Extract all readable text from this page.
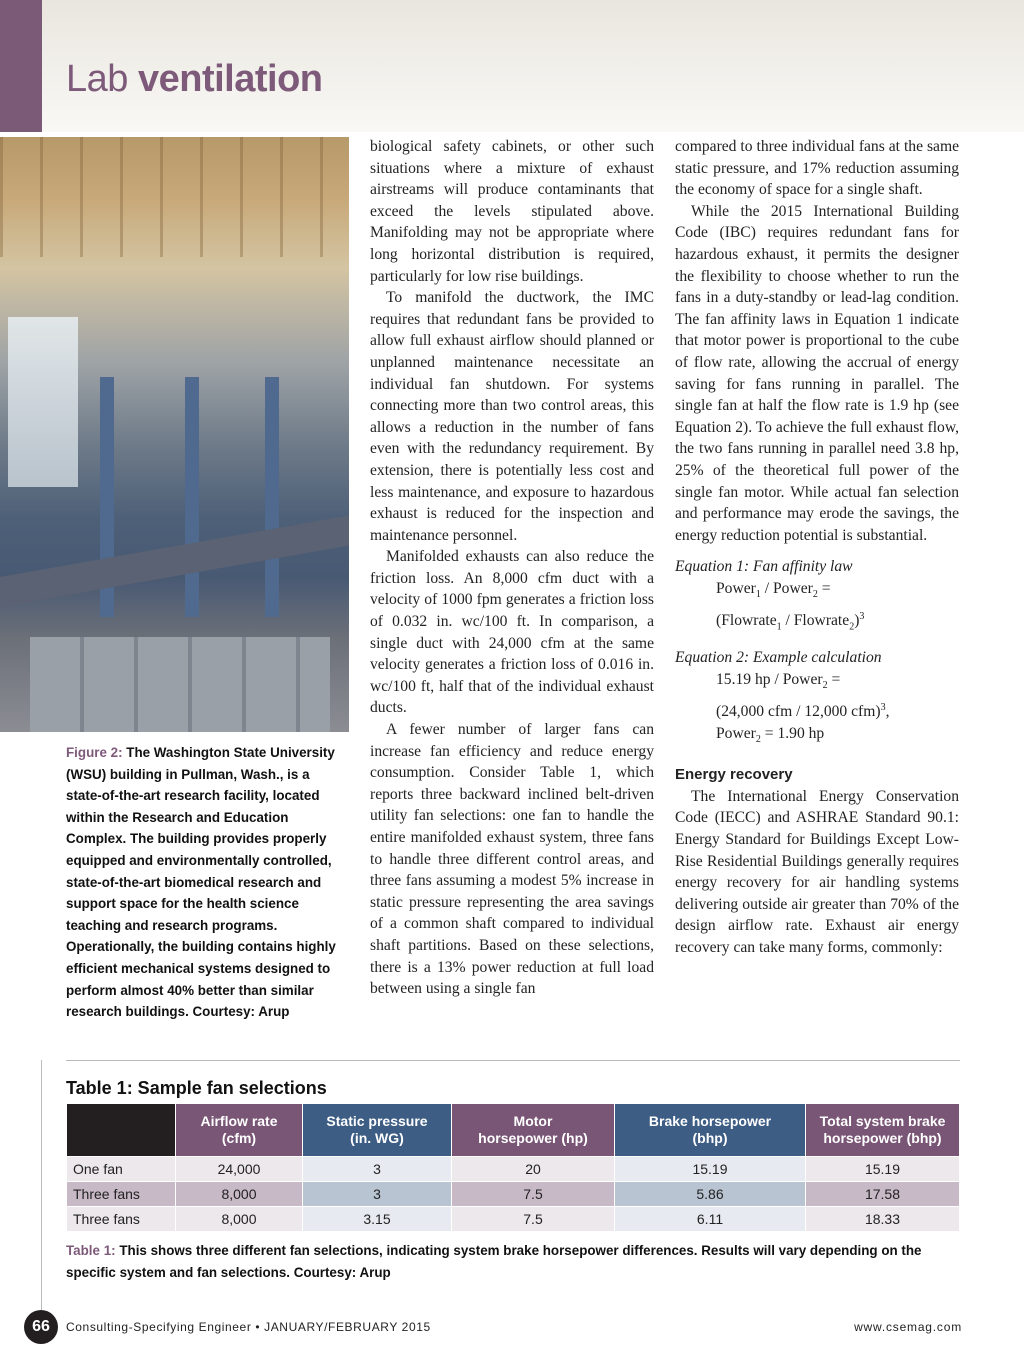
Lab ventilation
Figure 2: The Washington State University (WSU) building in Pullman, Wash., is a state-of-the-art research facility, located within the Research and Education Complex. The building provides properly equipped and environmentally controlled, state-of-the-art biomedical research and support space for the health science teaching and research programs. Operationally, the building contains highly efficient mechanical systems designed to perform almost 40% better than similar research buildings. Courtesy: Arup

biological safety cabinets, or other such situations where a mixture of exhaust airstreams will produce contaminants that exceed the levels stipulated above. Manifolding may not be appropriate where long horizontal distribution is required, particularly for low rise buildings.

To manifold the ductwork, the IMC requires that redundant fans be provided to allow full exhaust airflow should planned or unplanned maintenance necessitate an individual fan shutdown. For systems connecting more than two control areas, this allows a reduction in the number of fans even with the redundancy requirement. By extension, there is potentially less cost and less maintenance, and exposure to hazardous exhaust is reduced for the inspection and maintenance personnel.

Manifolded exhausts can also reduce the friction loss. An 8,000 cfm duct with a velocity of 1000 fpm generates a friction loss of 0.032 in. wc/100 ft. In comparison, a single duct with 24,000 cfm at the same velocity generates a friction loss of 0.016 in. wc/100 ft, half that of the individual exhaust ducts.

A fewer number of larger fans can increase fan efficiency and reduce energy consumption. Consider Table 1, which reports three backward inclined belt-driven utility fan selections: one fan to handle the entire manifolded exhaust system, three fans to handle three different control areas, and three fans assuming a modest 5% increase in static pressure representing the area savings of a common shaft compared to individual shaft partitions. Based on these selections, there is a 13% power reduction at full load between using a single fan

compared to three individual fans at the same static pressure, and 17% reduction assuming the economy of space for a single shaft.

While the 2015 International Building Code (IBC) requires redundant fans for hazardous exhaust, it permits the designer the flexibility to choose whether to run the fans in a duty-standby or lead-lag condition. The fan affinity laws in Equation 1 indicate that motor power is proportional to the cube of flow rate, allowing the accrual of energy saving for fans running in parallel. The single fan at half the flow rate is 1.9 hp (see Equation 2). To achieve the full exhaust flow, the two fans running in parallel need 3.8 hp, 25% of the theoretical full power of the single fan motor. While actual fan selection and performance may erode the savings, the energy reduction potential is substantial.

Equation 1: Fan affinity law

Power$_1$ / Power$_2$ =
(Flowrate$_1$ / Flowrate$_2$)$^3$

Equation 2: Example calculation

15.19 hp / Power$_2$ =
(24,000 cfm / 12,000 cfm)$^3$,
Power$_2$ = 1.90 hp

Energy recovery

The International Energy Conservation Code (IECC) and ASHRAE Standard 90.1: Energy Standard for Buildings Except Low-Rise Residential Buildings generally requires energy recovery for air handling systems delivering outside air greater than 70% of the design airflow rate. Exhaust air energy recovery can take many forms, commonly:

Table 1: Sample fan selections
	Airflow rate
(cfm)	Static pressure
(in. WG)	Motor
horsepower (hp)	Brake horsepower
(bhp)	Total system brake
horsepower (bhp)
One fan	24,000	3	20	15.19	15.19
Three fans	8,000	3	7.5	5.86	17.58
Three fans	8,000	3.15	7.5	6.11	18.33
Table 1: This shows three different fan selections, indicating system brake horsepower differences. Results will vary depending on the specific system and fan selections. Courtesy: Arup
66	Consulting-Specifying Engineer • JANUARY/FEBRUARY 2015	www.csemag.com
